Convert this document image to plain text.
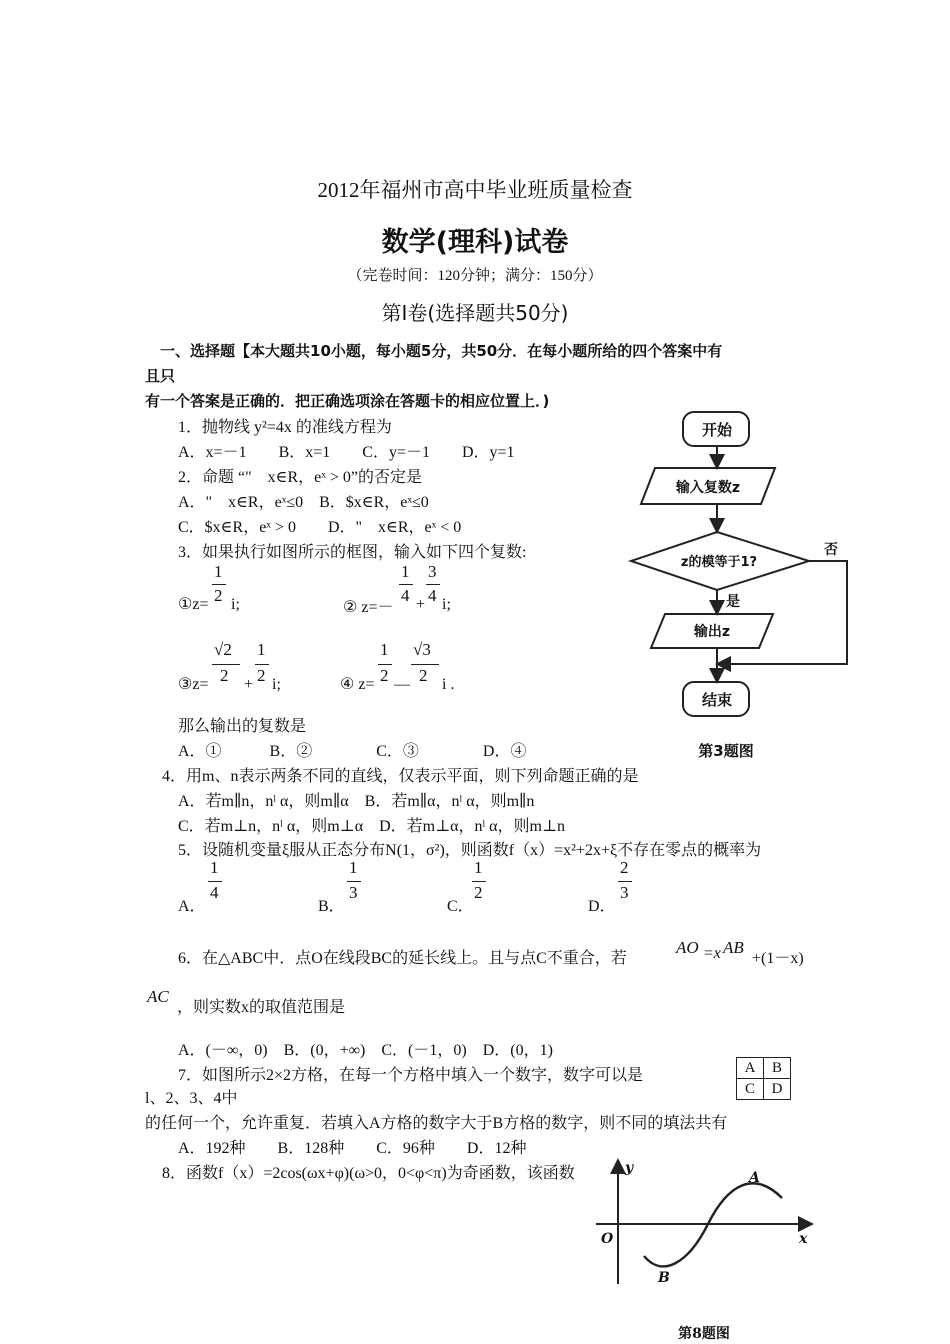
2012年福州市高中毕业班质量检查
数学(理科)试卷
（完卷时间：120分钟；满分：150分）
第Ⅰ卷(选择题共50分)
一、选择题【本大题共10小题，每小题5分，共50分．在每小题所给的四个答案中有
且只
有一个答案是正确的．把正确选项涂在答题卡的相应位置上．)
1．抛物线 y²=4x 的准线方程为
A．x=－1　　B．x=1　　C．y=－1　　D．y=1
2．命题 “"　x∈R，eˣ > 0”的否定是
A．"　x∈R，eˣ≤0　B．$x∈R，eˣ≤0
C．$x∈R，eˣ > 0　　D．"　x∈R，eˣ < 0
3．如果执行如图所示的框图，输入如下四个复数:
①z=
1
2 i;	② z=－
1
4 +
3
4 i;
③z=
√2
2 +
1
2 i;	④ z=
1
2 —
√3
2 i .
那么输出的复数是
A．①　　　B．②　　　　C．③　　　　D．④
开始
输入复数z
z的模等于1?
否
是
输出z
结束
第3题图
4．用m、n表示两条不同的直线，仅表示平面，则下列命题正确的是
A．若m∥n，nˡ α，则m∥α　B．若m∥α，nˡ α，则m∥n
C．若m⊥n，nˡ α，则m⊥α　D．若m⊥α，nˡ α，则m⊥n
5．设随机变量ξ服从正态分布N(1，σ²)，则函数f（x）=x²+2x+ξ不存在零点的概率为
A．
1
4
B．
1
3
C．
1
2
D．
2
3
6．在△ABC中．点O在线段BC的延长线上。且与点C不重合，若
AO =x AB
+(1－x)
AC
，则实数x的取值范围是
A．(－∞，0)　B．(0，+∞)　C．(－1，0)　D．(0，1)
7．如图所示2×2方格，在每一个方格中填入一个数字，数字可以是
l、2、3、4中
A	B
C	D
的任何一个，允许重复．若填入A方格的数字大于B方格的数字，则不同的填法共有
A．192种　　B．128种　　C．96种　　D．12种
8．函数f（x）=2cos(ωx+φ)(ω>0，0<φ<π)为奇函数，该函数	y
x
O
A
B
第8题图
